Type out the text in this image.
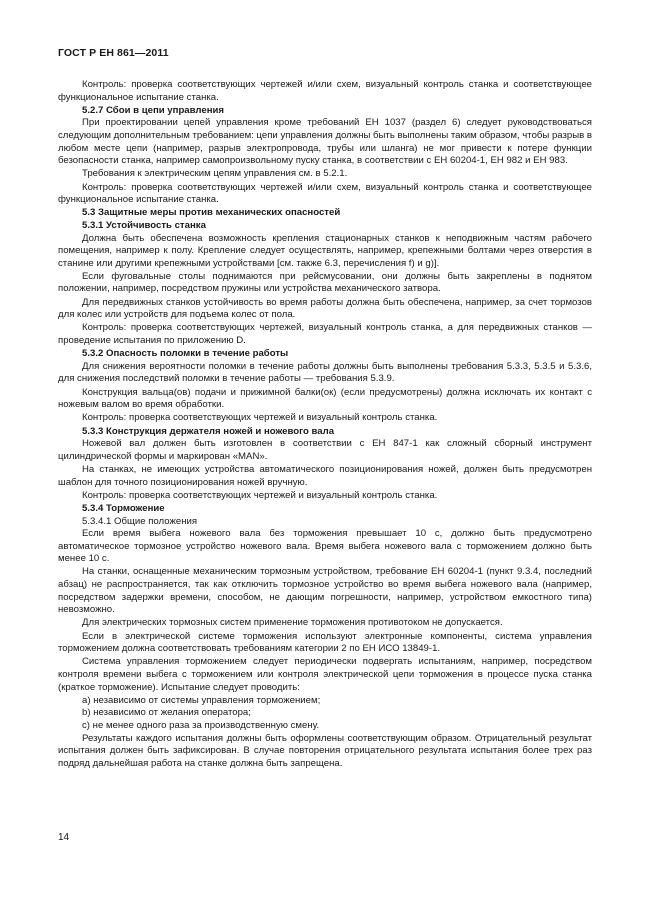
ГОСТ Р ЕН 861—2011

Контроль: проверка соответствующих чертежей и/или схем, визуальный контроль станка и соответствующее функциональное испытание станка.

5.2.7 Сбои в цепи управления

При проектировании цепей управления кроме требований ЕН 1037 (раздел 6) следует руководствоваться следующим дополнительным требованием: цепи управления должны быть выполнены таким образом, чтобы разрыв в любом месте цепи (например, разрыв электропровода, трубы или шланга) не мог привести к потере функции безопасности станка, например самопроизвольному пуску станка, в соответствии с ЕН 60204-1, ЕН 982 и ЕН 983.

Требования к электрическим цепям управления см. в 5.2.1.

Контроль: проверка соответствующих чертежей и/или схем, визуальный контроль станка и соответствующее функциональное испытание станка.

5.3 Защитные меры против механических опасностей
5.3.1 Устойчивость станка

Должна быть обеспечена возможность крепления стационарных станков к неподвижным частям рабочего помещения, например к полу. Крепление следует осуществлять, например, крепежными болтами через отверстия в станине или другими крепежными устройствами [см. также 6.3, перечисления f) и g)].

Если фуговальные столы поднимаются при рейсмусовании, они должны быть закреплены в поднятом положении, например, посредством пружины или устройства механического затвора.

Для передвижных станков устойчивость во время работы должна быть обеспечена, например, за счет тормозов для колес или устройств для подъема колес от пола.

Контроль: проверка соответствующих чертежей, визуальный контроль станка, а для передвижных станков — проведение испытания по приложению D.

5.3.2 Опасность поломки в течение работы

Для снижения вероятности поломки в течение работы должны быть выполнены требования 5.3.3, 5.3.5 и 5.3.6, для снижения последствий поломки в течение работы — требования 5.3.9.

Конструкция вальца(ов) подачи и прижимной балки(ок) (если предусмотрены) должна исключать их контакт с ножевым валом во время обработки.

Контроль: проверка соответствующих чертежей и визуальный контроль станка.

5.3.3 Конструкция держателя ножей и ножевого вала

Ножевой вал должен быть изготовлен в соответствии с ЕН 847-1 как сложный сборный инструмент цилиндрической формы и маркирован «MAN».

На станках, не имеющих устройства автоматического позиционирования ножей, должен быть предусмотрен шаблон для точного позиционирования ножей вручную.

Контроль: проверка соответствующих чертежей и визуальный контроль станка.

5.3.4 Торможение
5.3.4.1 Общие положения

Если время выбега ножевого вала без торможения превышает 10 с, должно быть предусмотрено автоматическое тормозное устройство ножевого вала. Время выбега ножевого вала с торможением должно быть менее 10 с.

На станки, оснащенные механическим тормозным устройством, требование ЕН 60204-1 (пункт 9.3.4, последний абзац) не распространяется, так как отключить тормозное устройство во время выбега ножевого вала (например, посредством задержки времени, способом, не дающим погрешности, например, устройством емкостного типа) невозможно.

Для электрических тормозных систем применение торможения противотоком не допускается.

Если в электрической системе торможения используют электронные компоненты, система управления торможением должна соответствовать требованиям категории 2 по ЕН ИСО 13849-1.

Система управления торможением следует периодически подвергать испытаниям, например, посредством контроля времени выбега с торможением или контроля электрической цепи торможения в процессе пуска станка (краткое торможение). Испытание следует проводить:

а) независимо от системы управления торможением;

b) независимо от желания оператора;

с) не менее одного раза за производственную смену.

Результаты каждого испытания должны быть оформлены соответствующим образом. Отрицательный результат испытания должен быть зафиксирован. В случае повторения отрицательного результата испытания более трех раз подряд дальнейшая работа на станке должна быть запрещена.

14
